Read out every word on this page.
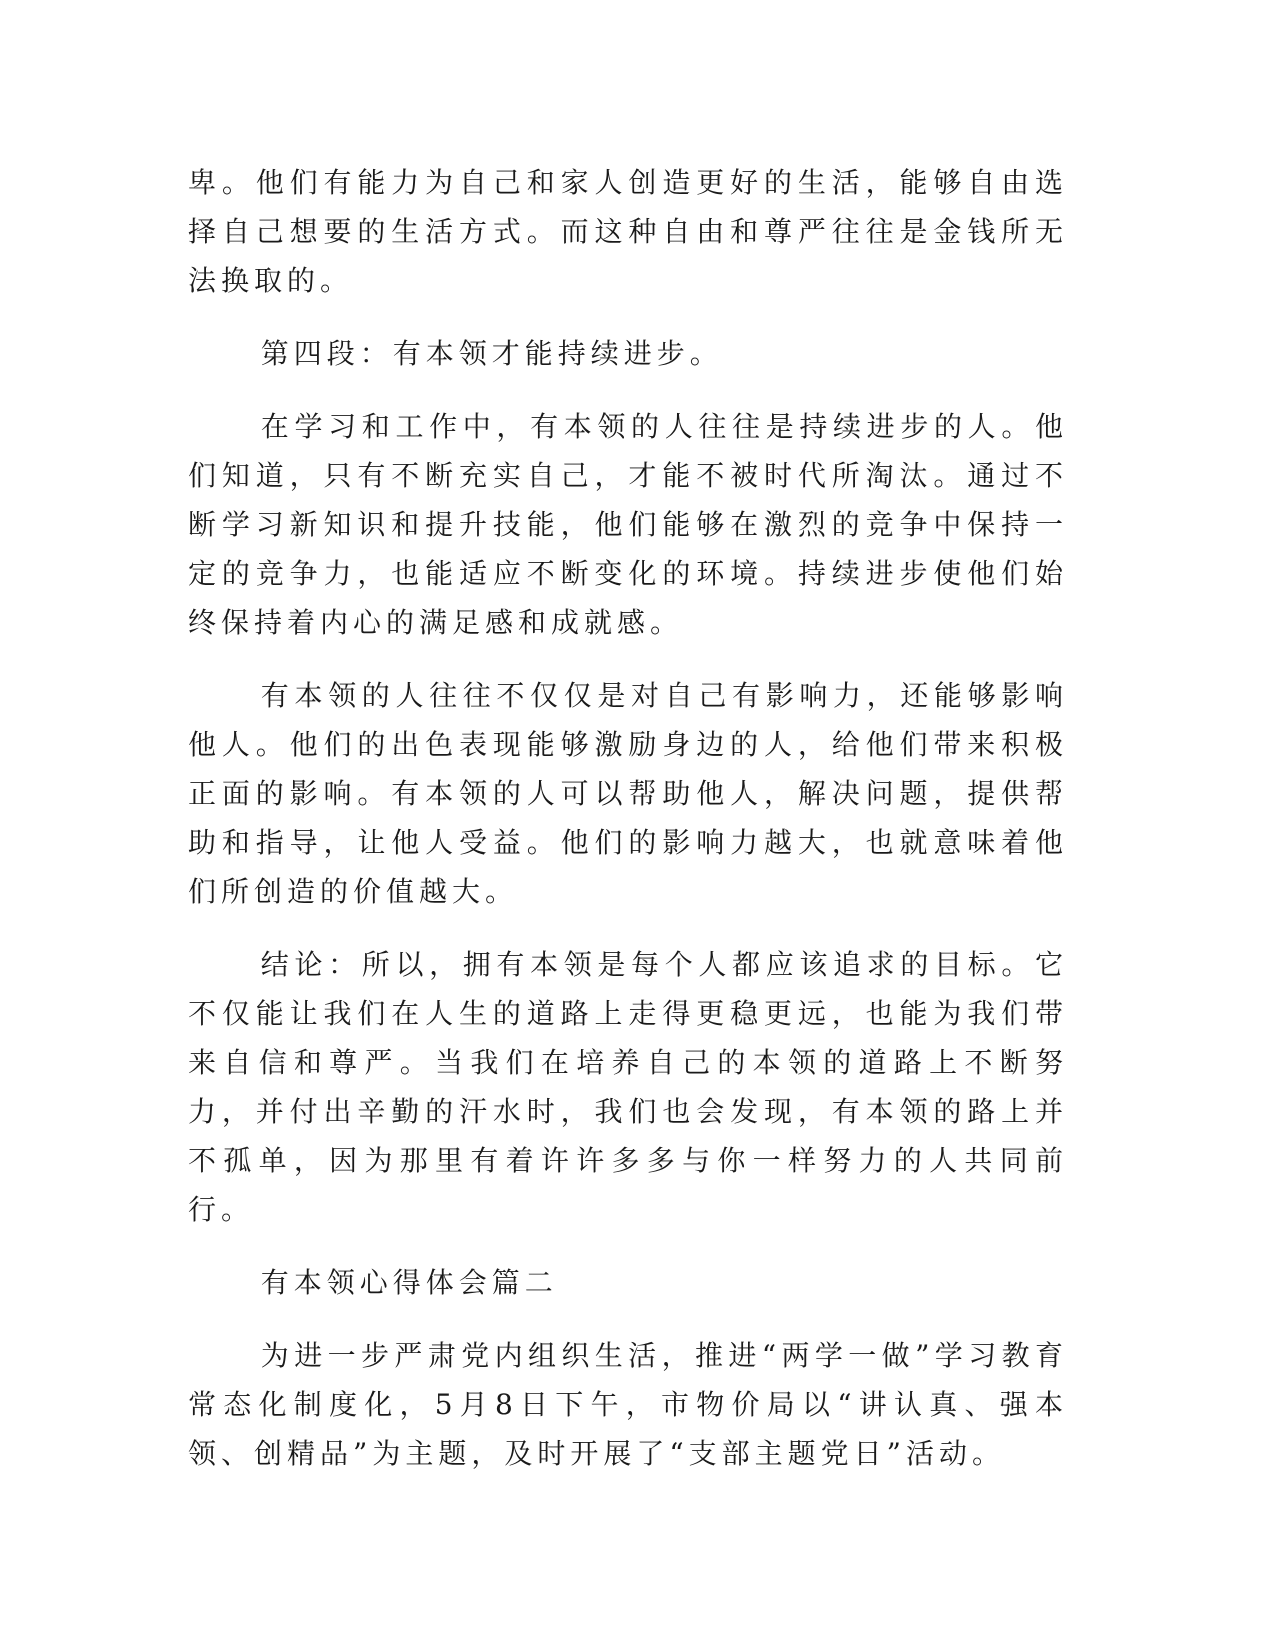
卑。他们有能力为自己和家人创造更好的生活，能够自由选择自己想要的生活方式。而这种自由和尊严往往是金钱所无法换取的。

第四段：有本领才能持续进步。

在学习和工作中，有本领的人往往是持续进步的人。他们知道，只有不断充实自己，才能不被时代所淘汰。通过不断学习新知识和提升技能，他们能够在激烈的竞争中保持一定的竞争力，也能适应不断变化的环境。持续进步使他们始终保持着内心的满足感和成就感。

有本领的人往往不仅仅是对自己有影响力，还能够影响他人。他们的出色表现能够激励身边的人，给他们带来积极正面的影响。有本领的人可以帮助他人，解决问题，提供帮助和指导，让他人受益。他们的影响力越大，也就意味着他们所创造的价值越大。

结论：所以，拥有本领是每个人都应该追求的目标。它不仅能让我们在人生的道路上走得更稳更远，也能为我们带来自信和尊严。当我们在培养自己的本领的道路上不断努力，并付出辛勤的汗水时，我们也会发现，有本领的路上并不孤单，因为那里有着许许多多与你一样努力的人共同前行。

有本领心得体会篇二

为进一步严肃党内组织生活，推进“两学一做”学习教育常态化制度化，5月8日下午，市物价局以“讲认真、强本领、创精品”为主题，及时开展了“支部主题党日”活动。
